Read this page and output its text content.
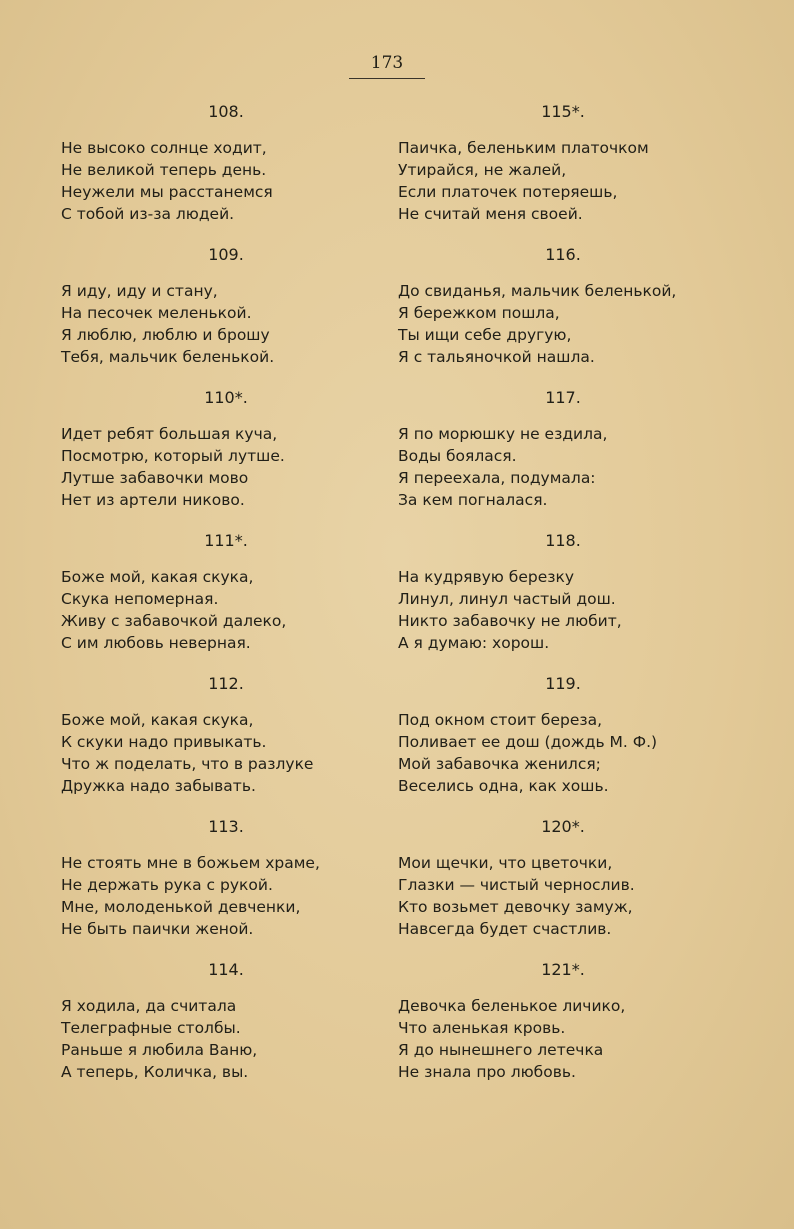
173
108.
Не высоко солнце ходит,
Не великой теперь день.
Неужели мы расстанемся
С тобой из-за людей.
109.
Я иду, иду и стану,
На песочек меленькой.
Я люблю, люблю и брошу
Тебя, мальчик беленькой.
110*.
Идет ребят большая куча,
Посмотрю, который лутше.
Лутше забавочки мово
Нет из артели никово.
111*.
Боже мой, какая скука,
Скука непомерная.
Живу с забавочкой далеко,
С им любовь неверная.
112.
Боже мой, какая скука,
К скуки надо привыкать.
Что ж поделать, что в разлуке
Дружка надо забывать.
113.
Не стоять мне в божьем храме,
Не держать рука с рукой.
Мне, молоденькой девченки,
Не быть паички женой.
114.
Я ходила, да считала
Телеграфные столбы.
Раньше я любила Ваню,
А теперь, Количка, вы.
115*.
Паичка, беленьким платочком
Утирайся, не жалей,
Если платочек потеряешь,
Не считай меня своей.
116.
До свиданья, мальчик беленькой,
Я бережком пошла,
Ты ищи себе другую,
Я с тальяночкой нашла.
117.
Я по морюшку не ездила,
Воды боялася.
Я переехала, подумала:
За кем погналася.
118.
На кудрявую березку
Линул, линул частый дош.
Никто забавочку не любит,
А я думаю: хорош.
119.
Под окном стоит береза,
Поливает ее дош (дождь М. Ф.)
Мой забавочка женился;
Веселись одна, как хошь.
120*.
Мои щечки, что цветочки,
Глазки — чистый чернослив.
Кто возьмет девочку замуж,
Навсегда будет счастлив.
121*.
Девочка беленькое личико,
Что аленькая кровь.
Я до нынешнего летечка
Не знала про любовь.
